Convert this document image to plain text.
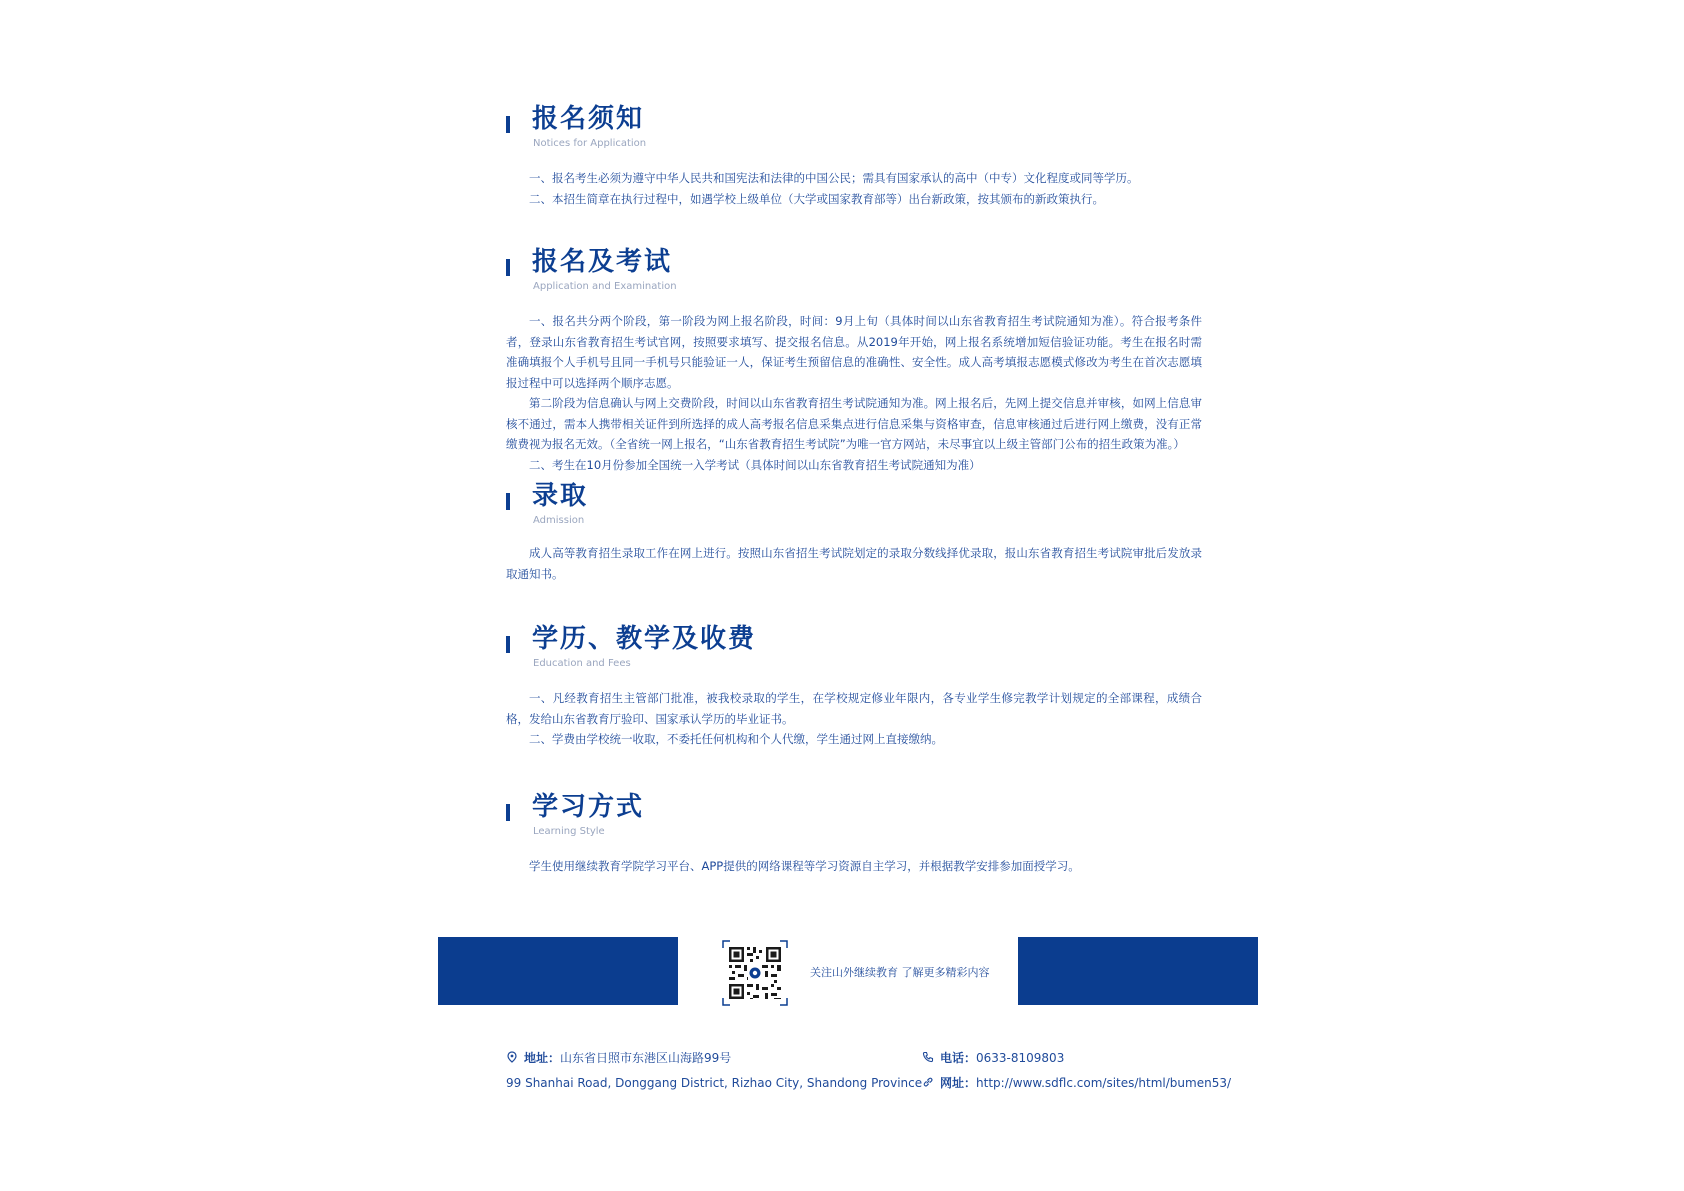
报名须知
Notices for Application

一、报名考生必须为遵守中华人民共和国宪法和法律的中国公民；需具有国家承认的高中（中专）文化程度或同等学历。

二、本招生简章在执行过程中，如遇学校上级单位（大学或国家教育部等）出台新政策，按其颁布的新政策执行。

报名及考试
Application and Examination

一、报名共分两个阶段，第一阶段为网上报名阶段，时间：9月上旬（具体时间以山东省教育招生考试院通知为准）。符合报考条件者，登录山东省教育招生考试官网，按照要求填写、提交报名信息。从2019年开始，网上报名系统增加短信验证功能。考生在报名时需准确填报个人手机号且同一手机号只能验证一人，保证考生预留信息的准确性、安全性。成人高考填报志愿模式修改为考生在首次志愿填报过程中可以选择两个顺序志愿。

第二阶段为信息确认与网上交费阶段，时间以山东省教育招生考试院通知为准。网上报名后，先网上提交信息并审核，如网上信息审核不通过，需本人携带相关证件到所选择的成人高考报名信息采集点进行信息采集与资格审查，信息审核通过后进行网上缴费，没有正常缴费视为报名无效。（全省统一网上报名，“山东省教育招生考试院”为唯一官方网站，未尽事宜以上级主管部门公布的招生政策为准。）

二、考生在10月份参加全国统一入学考试（具体时间以山东省教育招生考试院通知为准）

录取
Admission

成人高等教育招生录取工作在网上进行。按照山东省招生考试院划定的录取分数线择优录取，报山东省教育招生考试院审批后发放录取通知书。

学历、教学及收费
Education and Fees

一、凡经教育招生主管部门批准，被我校录取的学生，在学校规定修业年限内，各专业学生修完教学计划规定的全部课程，成绩合格，发给山东省教育厅验印、国家承认学历的毕业证书。

二、学费由学校统一收取，不委托任何机构和个人代缴，学生通过网上直接缴纳。

学习方式
Learning Style

学生使用继续教育学院学习平台、APP提供的网络课程等学习资源自主学习，并根据教学安排参加面授学习。

关注山外继续教育 了解更多精彩内容
地址：山东省日照市东港区山海路99号
99 Shanhai Road, Donggang District, Rizhao City, Shandong Province
电话：0633-8109803
网址：http://www.sdflc.com/sites/html/bumen53/
